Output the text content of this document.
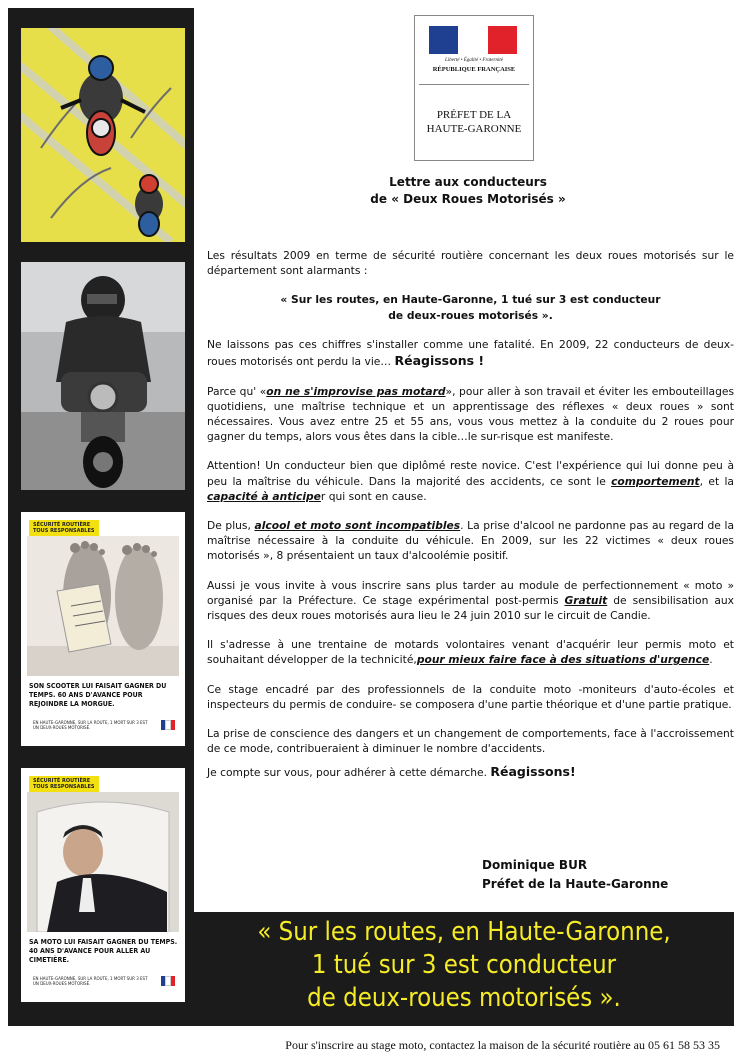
SÉCURITÉ ROUTIÈRE
TOUS RESPONSABLES
SON SCOOTER LUI FAISAIT GAGNER DU TEMPS. 60 ANS D'AVANCE POUR REJOINDRE LA MORGUE.
EN HAUTE-GARONNE, SUR LA ROUTE, 1 MORT SUR 3 EST UN DEUX-ROUES MOTORISÉ.
SÉCURITÉ ROUTIÈRE
TOUS RESPONSABLES
SA MOTO LUI FAISAIT GAGNER DU TEMPS. 40 ANS D'AVANCE POUR ALLER AU CIMETIÈRE.
EN HAUTE-GARONNE, SUR LA ROUTE, 1 MORT SUR 3 EST UN DEUX-ROUES MOTORISÉ.
Liberté • Égalité • Fraternité
RÉPUBLIQUE FRANÇAISE
PRÉFET DE LA
HAUTE-GARONNE
Lettre aux conducteurs
de « Deux Roues Motorisés »

Les résultats 2009 en terme de sécurité routière concernant les deux roues motorisés sur le département sont alarmants :

« Sur les routes, en Haute-Garonne, 1 tué sur 3 est conducteur
de deux-roues motorisés ».

Ne laissons pas ces chiffres s'installer comme une fatalité. En 2009, 22 conducteurs de deux-roues motorisés ont perdu la vie… Réagissons !

Parce qu' «on ne s'improvise pas motard», pour aller à son travail et éviter les embouteillages quotidiens, une maîtrise technique et un apprentissage des réflexes « deux roues » sont nécessaires. Vous avez entre 25 et 55 ans, vous vous mettez à la conduite du 2 roues pour gagner du temps, alors vous êtes dans la cible…le sur-risque est manifeste.

Attention! Un conducteur bien que diplômé reste novice. C'est l'expérience qui lui donne peu à peu la maîtrise du véhicule. Dans la majorité des accidents, ce sont le comportement, et la capacité à anticiper qui sont en cause.

De plus, alcool et moto sont incompatibles. La prise d'alcool ne pardonne pas au regard de la maîtrise nécessaire à la conduite du véhicule. En 2009, sur les 22 victimes « deux roues motorisés », 8 présentaient un taux d'alcoolémie positif.

Aussi je vous invite à vous inscrire sans plus tarder au module de perfectionnement « moto » organisé par la Préfecture. Ce stage expérimental post-permis Gratuit de sensibilisation aux risques des deux roues motorisés aura lieu le 24 juin 2010 sur le circuit de Candie.

Il s'adresse à une trentaine de motards volontaires venant d'acquérir leur permis moto et souhaitant développer de la technicité,pour mieux faire face à des situations d'urgence.

Ce stage encadré par des professionnels de la conduite moto -moniteurs d'auto-écoles et inspecteurs du permis de conduire- se composera d'une partie théorique et d'une partie pratique.

La prise de conscience des dangers et un changement de comportements, face à l'accroissement de ce mode, contribueraient à diminuer le nombre d'accidents.

Je compte sur vous, pour adhérer à cette démarche. Réagissons!

Dominique BUR
Préfet de la Haute-Garonne
« Sur les routes, en Haute-Garonne,
1 tué sur 3 est conducteur
de deux-roues motorisés ».
Pour s'inscrire au stage moto, contactez la maison de la sécurité routière au 05 61 58 53 35
